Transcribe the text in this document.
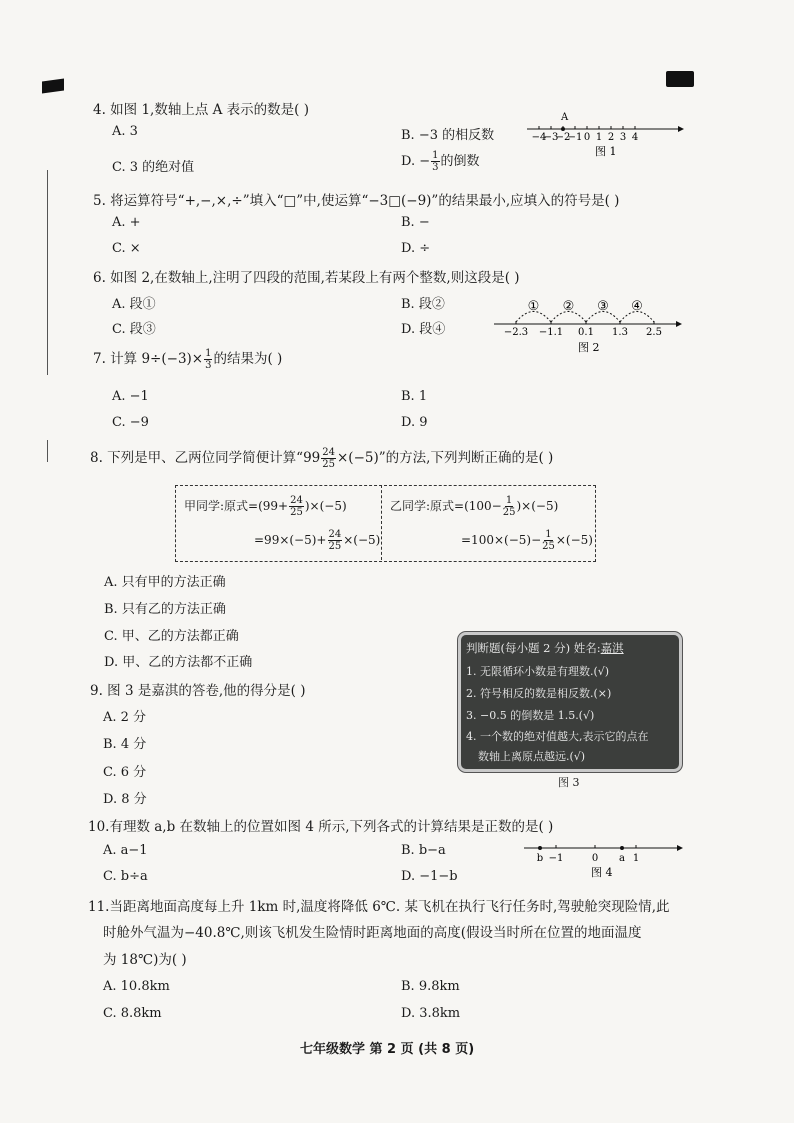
4. 如图 1,数轴上点 A 表示的数是( )
A. 3	B. −3 的相反数
C. 3 的绝对值	D. − $\frac{1}{3}$ 的倒数
−4
−3
−2
−1 0 1 2 3 4
A
图 1
5. 将运算符号“+,−,×,÷”填入“□”中,使运算“−3□(−9)”的结果最小,应填入的符号是( )
A. +	B. −
C. ×	D. ÷
6. 如图 2,在数轴上,注明了四段的范围,若某段上有两个整数,则这段是( )
A. 段①	B. 段②
C. 段③	D. 段④	−2.3 −1.1 0.1 1.3 2.5
① ② ③ ④
图 2
7. 计算 $9\div(-3)\times \frac{1}{3}$ 的结果为( )
A. −1	B. 1
C. −9	D. 9
8. 下列是甲、乙两位同学简便计算“$99 \frac{24}{25} \times(-5)$”的方法,下列判断正确的是( )
甲同学:原式$=(99+ \frac{24}{25} )\times(-5)$
$=99\times(-5)+ \frac{24}{25} \times(-5)$
乙同学:原式$=(100- \frac{1}{25} )\times(-5)$
$=100\times(-5)- \frac{1}{25} \times(-5)$
A. 只有甲的方法正确
B. 只有乙的方法正确
C. 甲、乙的方法都正确
D. 甲、乙的方法都不正确
判断题(每小题 2 分) 姓名:嘉淇
1. 无限循环小数是有理数.(√)
2. 符号相反的数是相反数.(×)
3. −0.5 的倒数是 1.5.(√)
4. 一个数的绝对值越大,表示它的点在
数轴上离原点越远.(√)
图 3
9. 图 3 是嘉淇的答卷,他的得分是( )
A. 2 分
B. 4 分
C. 6 分
D. 8 分
10.有理数 a,b 在数轴上的位置如图 4 所示,下列各式的计算结果是正数的是( )
A. a−1	B. b−a
C. b÷a	D. −1−b
b −1	0 a 1
图 4
11.当距离地面高度每上升 1km 时,温度将降低 6℃. 某飞机在执行飞行任务时,驾驶舱突现险情,此
时舱外气温为−40.8℃,则该飞机发生险情时距离地面的高度(假设当时所在位置的地面温度
为 18℃)为( )
A. 10.8km	B. 9.8km
C. 8.8km	D. 3.8km
七年级数学 第 2 页 (共 8 页)
